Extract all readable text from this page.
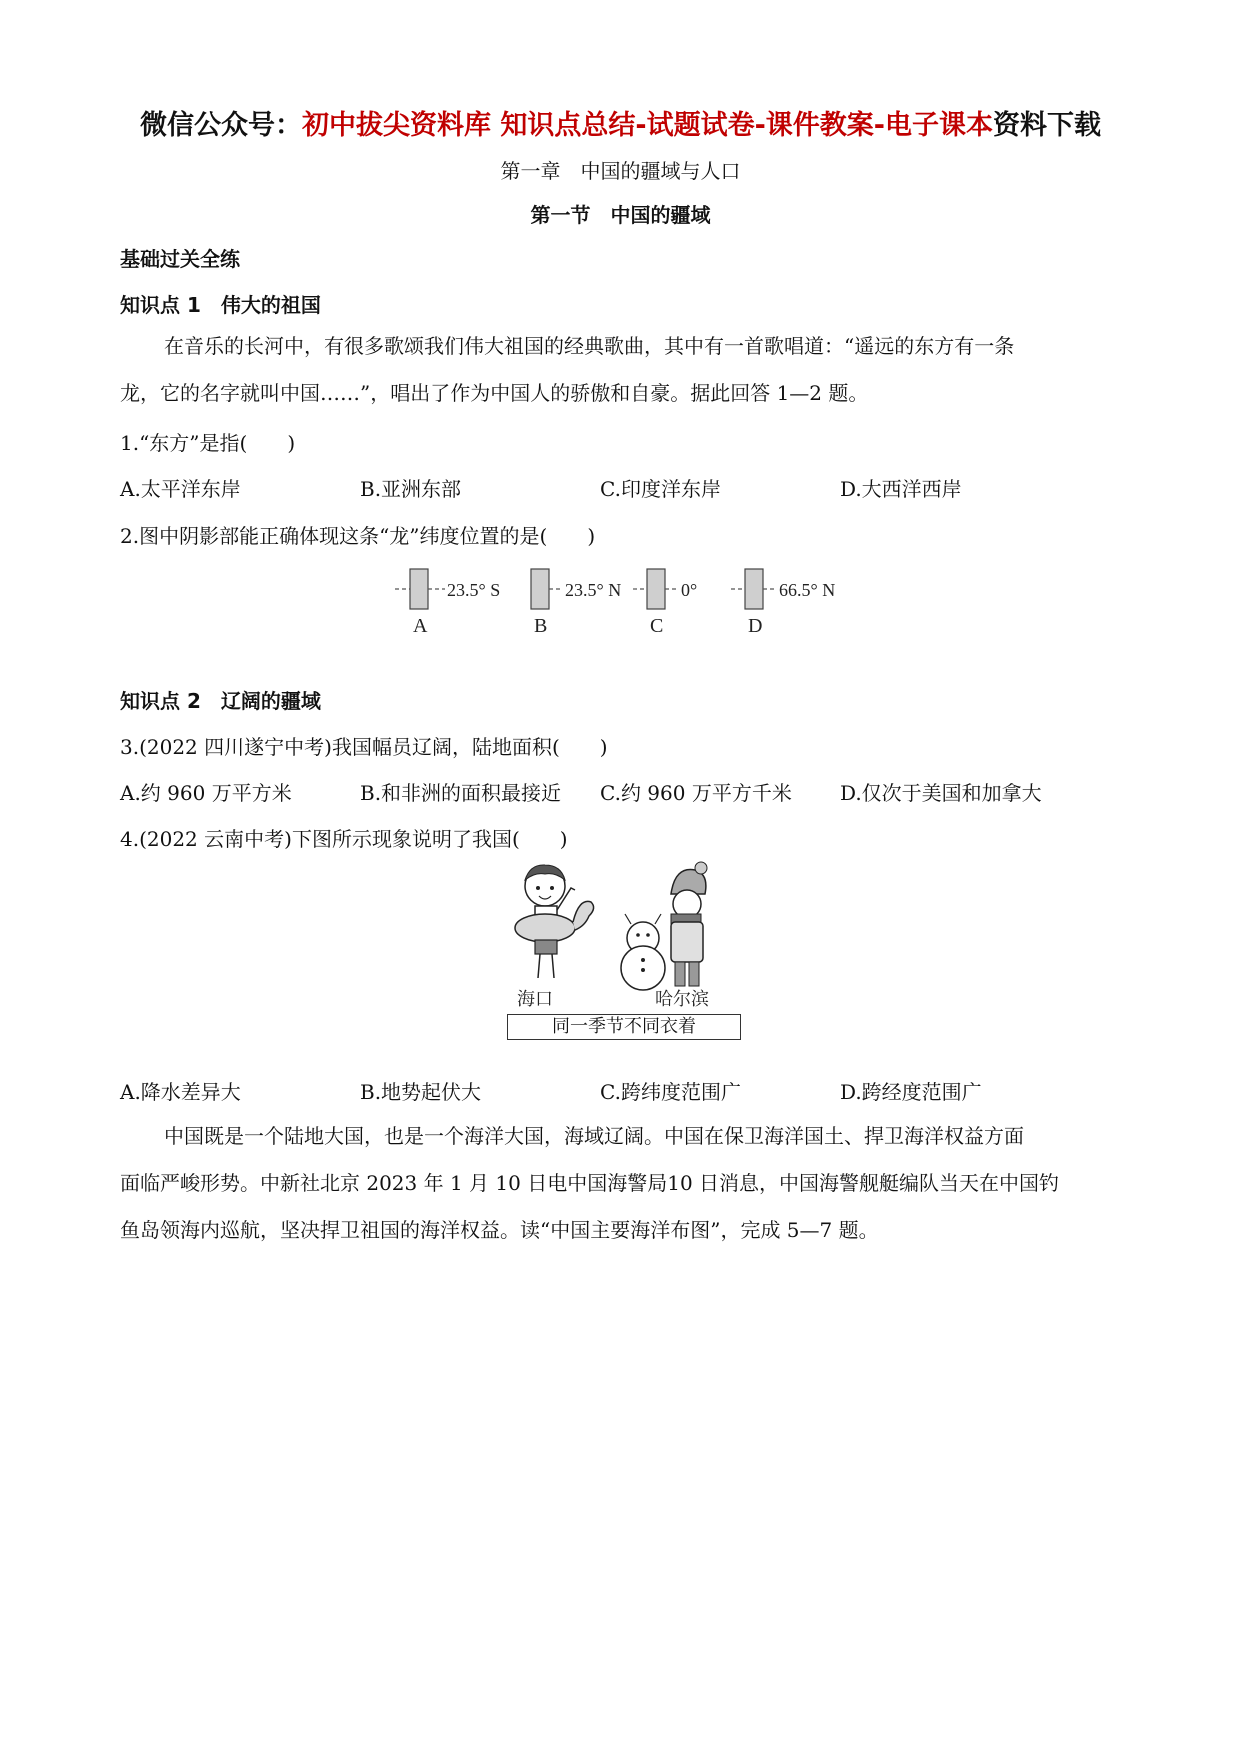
微信公众号：初中拔尖资料库 知识点总结-试题试卷-课件教案-电子课本资料下载
第一章　中国的疆域与人口
第一节　中国的疆域
基础过关全练
知识点 1　伟大的祖国
在音乐的长河中，有很多歌颂我们伟大祖国的经典歌曲，其中有一首歌唱道：“遥远的东方有一条
龙，它的名字就叫中国……”，唱出了作为中国人的骄傲和自豪。据此回答 1—2 题。
1.“东方”是指(　　)
A.太平洋东岸	B.亚洲东部	C.印度洋东岸	D.大西洋西岸
2.图中阴影部能正确体现这条“龙”纬度位置的是(　　)
23.5° S
A
23.5° N
B
0°
C
66.5° N
D
知识点 2　辽阔的疆域
3.(2022 四川遂宁中考)我国幅员辽阔，陆地面积(　　)
A.约 960 万平方米	B.和非洲的面积最接近 C.约 960 万平方千米 D.仅次于美国和加拿大
4.(2022 云南中考)下图所示现象说明了我国(　　)
海口	哈尔滨
同一季节不同衣着
A.降水差异大	B.地势起伏大	C.跨纬度范围广	D.跨经度范围广
中国既是一个陆地大国，也是一个海洋大国，海域辽阔。中国在保卫海洋国土、捍卫海洋权益方面
面临严峻形势。中新社北京 2023 年 1 月 10 日电中国海警局10 日消息，中国海警舰艇编队当天在中国钓
鱼岛领海内巡航，坚决捍卫祖国的海洋权益。读“中国主要海洋布图”，完成 5—7 题。
